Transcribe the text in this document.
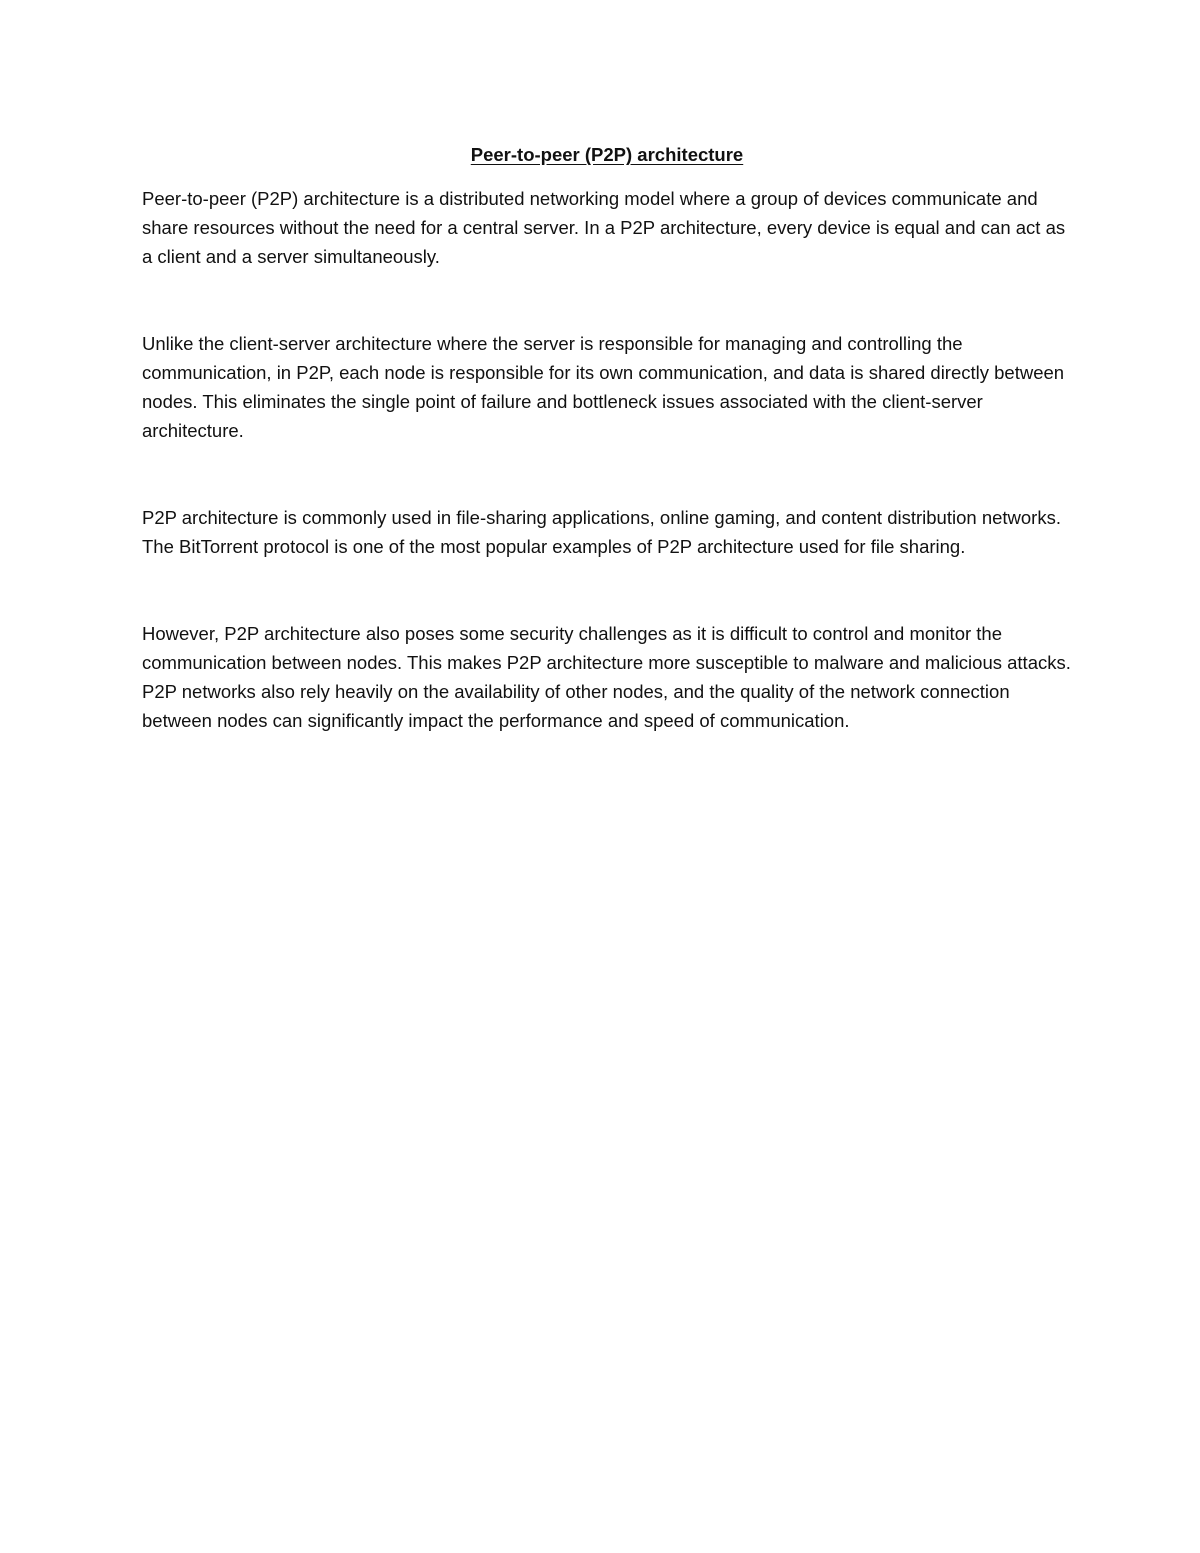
Peer-to-peer (P2P) architecture

Peer-to-peer (P2P) architecture is a distributed networking model where a group of devices communicate and share resources without the need for a central server. In a P2P architecture, every device is equal and can act as a client and a server simultaneously.

Unlike the client-server architecture where the server is responsible for managing and controlling the communication, in P2P, each node is responsible for its own communication, and data is shared directly between nodes. This eliminates the single point of failure and bottleneck issues associated with the client-server architecture.

P2P architecture is commonly used in file-sharing applications, online gaming, and content distribution networks. The BitTorrent protocol is one of the most popular examples of P2P architecture used for file sharing.

However, P2P architecture also poses some security challenges as it is difficult to control and monitor the communication between nodes. This makes P2P architecture more susceptible to malware and malicious attacks. P2P networks also rely heavily on the availability of other nodes, and the quality of the network connection between nodes can significantly impact the performance and speed of communication.
